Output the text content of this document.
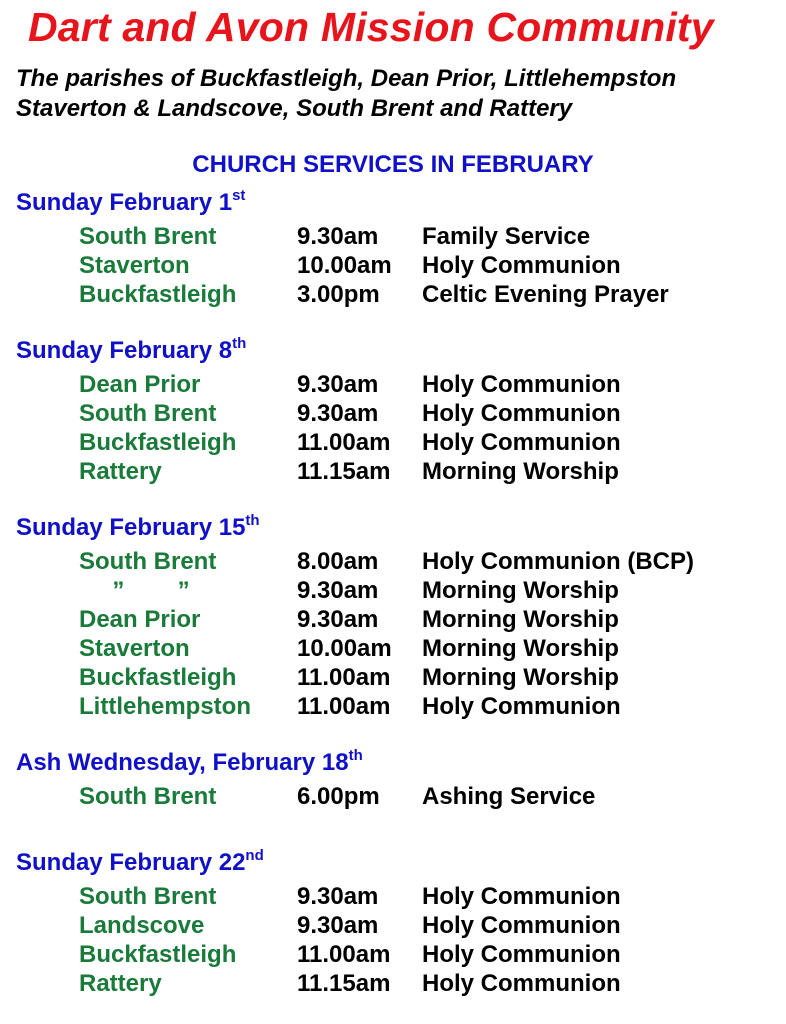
Dart and Avon Mission Community
The parishes of Buckfastleigh, Dean Prior, Littlehempston
Staverton & Landscove, South Brent and Rattery
CHURCH SERVICES IN FEBRUARY
Sunday February 1st
South Brent	9.30am Family Service
Staverton	10.00am Holy Communion
Buckfastleigh	3.00pm Celtic Evening Prayer
Sunday February 8th
Dean Prior	9.30am Holy Communion
South Brent	9.30am Holy Communion
Buckfastleigh	11.00am Holy Communion
Rattery	11.15am Morning Worship
Sunday February 15th
South Brent	8.00am Holy Communion (BCP)
”        ”	9.30am Morning Worship
Dean Prior	9.30am Morning Worship
Staverton	10.00am Morning Worship
Buckfastleigh	11.00am Morning Worship
Littlehempston 11.00am Holy Communion
Ash Wednesday, February 18th
South Brent	6.00pm Ashing Service
Sunday February 22nd
South Brent	9.30am Holy Communion
Landscove	9.30am Holy Communion
Buckfastleigh	11.00am Holy Communion
Rattery	11.15am Holy Communion
